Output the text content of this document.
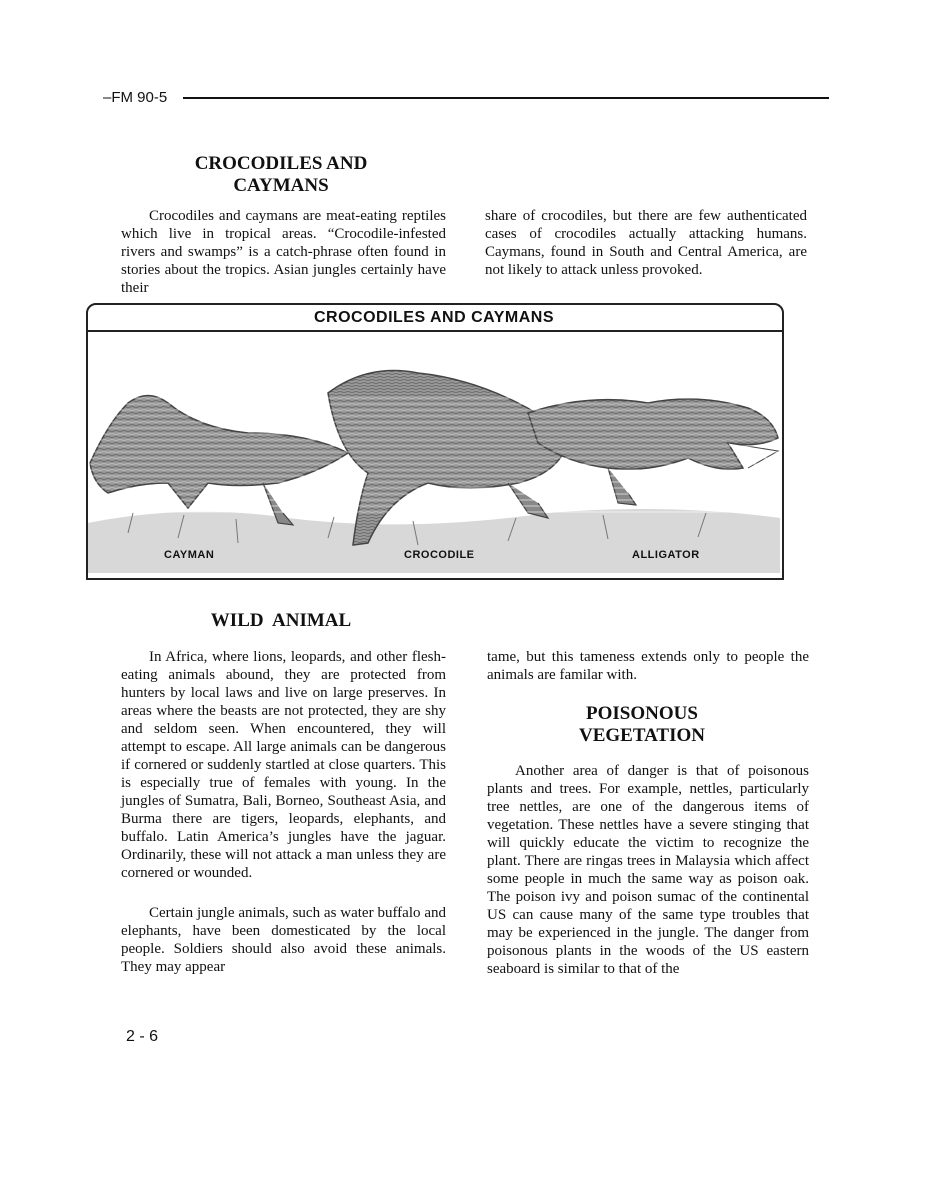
–FM 90-5
CROCODILES AND
CAYMANS

Crocodiles and caymans are meat-eating reptiles which live in tropical areas. “Crocodile-infested rivers and swamps” is a catch-phrase often found in stories about the tropics. Asian jungles certainly have their

share of crocodiles, but there are few authenticated cases of crocodiles actually attacking humans. Caymans, found in South and Central America, are not likely to attack unless provoked.

CROCODILES AND CAYMANS
CAYMAN	CROCODILE	ALLIGATOR
WILD  ANIMAL

In Africa, where lions, leopards, and other flesh-eating animals abound, they are protected from hunters by local laws and live on large preserves. In areas where the beasts are not protected, they are shy and seldom seen. When encountered, they will attempt to escape. All large animals can be dangerous if cornered or suddenly startled at close quarters. This is especially true of females with young. In the jungles of Sumatra, Bali, Borneo, Southeast Asia, and Burma there are tigers, leopards, elephants, and buffalo. Latin America’s jungles have the jaguar. Ordinarily, these will not attack a man unless they are cornered or wounded.

Certain jungle animals, such as water buffalo and elephants, have been domesticated by the local people. Soldiers should also avoid these animals. They may appear

tame, but this tameness extends only to people the animals are familar with.

POISONOUS
VEGETATION

Another area of danger is that of poisonous plants and trees. For example, nettles, particularly tree nettles, are one of the dangerous items of vegetation. These nettles have a severe stinging that will quickly educate the victim to recognize the plant. There are ringas trees in Malaysia which affect some people in much the same way as poison oak. The poison ivy and poison sumac of the continental US can cause many of the same type troubles that may be experienced in the jungle. The danger from poisonous plants in the woods of the US eastern seaboard is similar to that of the

2 - 6
